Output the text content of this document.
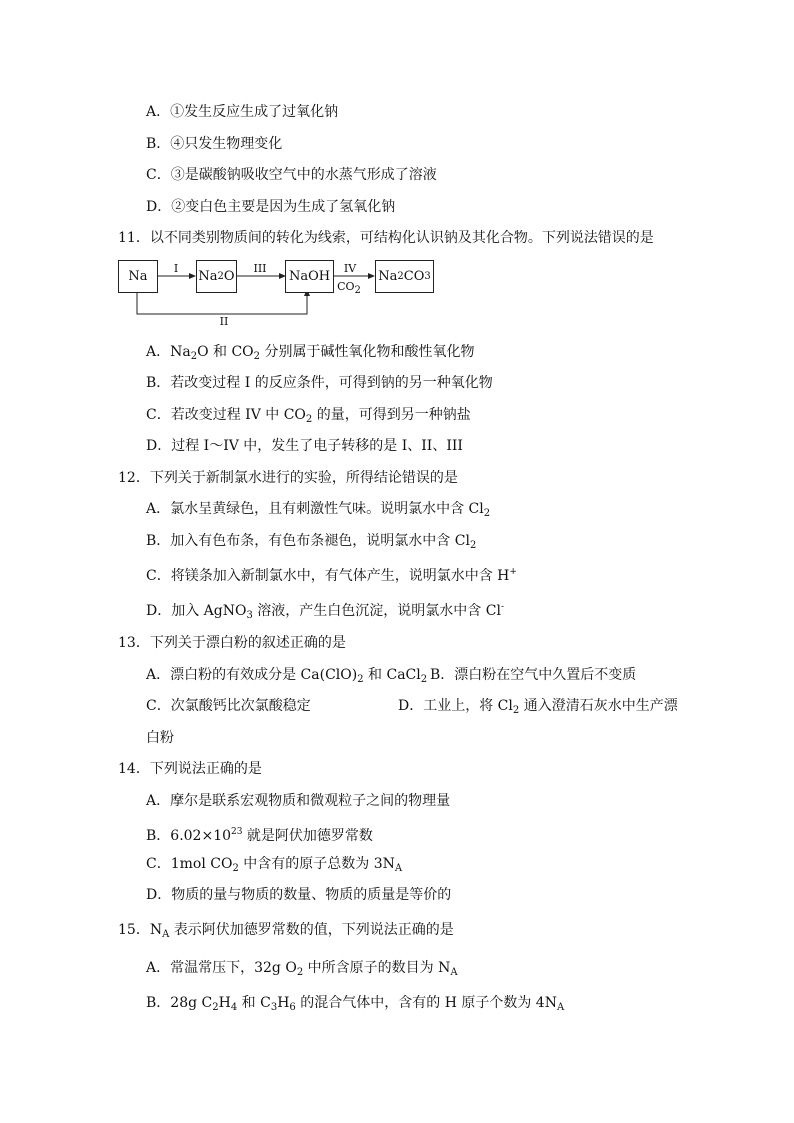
A．①发生反应生成了过氧化钠
B．④只发生物理变化
C．③是碳酸钠吸收空气中的水蒸气形成了溶液
D．②变白色主要是因为生成了氢氧化钠
11．以不同类别物质间的转化为线索，可结构化认识钠及其化合物。下列说法错误的是
Na	Na 2 O	NaOH	Na 2 CO 3
I	III	IV
CO2
II
A．$Na_2O$ 和 $CO_2$ 分别属于碱性氧化物和酸性氧化物
B．若改变过程 I 的反应条件，可得到钠的另一种氧化物
C．若改变过程 IV 中 $CO_2$ 的量，可得到另一种钠盐
D．过程 I～IV 中，发生了电子转移的是 I、II、III
12．下列关于新制氯水进行的实验，所得结论错误的是
A．氯水呈黄绿色，且有刺激性气味。说明氯水中含 $Cl_2$
B．加入有色布条，有色布条褪色，说明氯水中含 $Cl_2$
C．将镁条加入新制氯水中，有气体产生，说明氯水中含 H+
D．加入 AgNO$_3$ 溶液，产生白色沉淀，说明氯水中含 Cl-
13．下列关于漂白粉的叙述正确的是
A．漂白粉的有效成分是 $Ca(ClO)_2$ 和 CaCl$_2$ B．漂白粉在空气中久置后不变质
C．次氯酸钙比次氯酸稳定	D．工业上，将 $Cl_2$ 通入澄清石灰水中生产漂
白粉
14．下列说法正确的是
A．摩尔是联系宏观物质和微观粒子之间的物理量
B．$6.02\times 10^{23}$ 就是阿伏加德罗常数
C．1mol $CO_2$ 中含有的原子总数为 $3N_A$
D．物质的量与物质的数量、物质的质量是等价的
15．$N_A$ 表示阿伏加德罗常数的值，下列说法正确的是
A．常温常压下，32g $O_2$ 中所含原子的数目为 $N_A$
B．28g $C_2H_4$ 和 $C_3H_6$ 的混合气体中，含有的 H 原子个数为 $4N_A$
